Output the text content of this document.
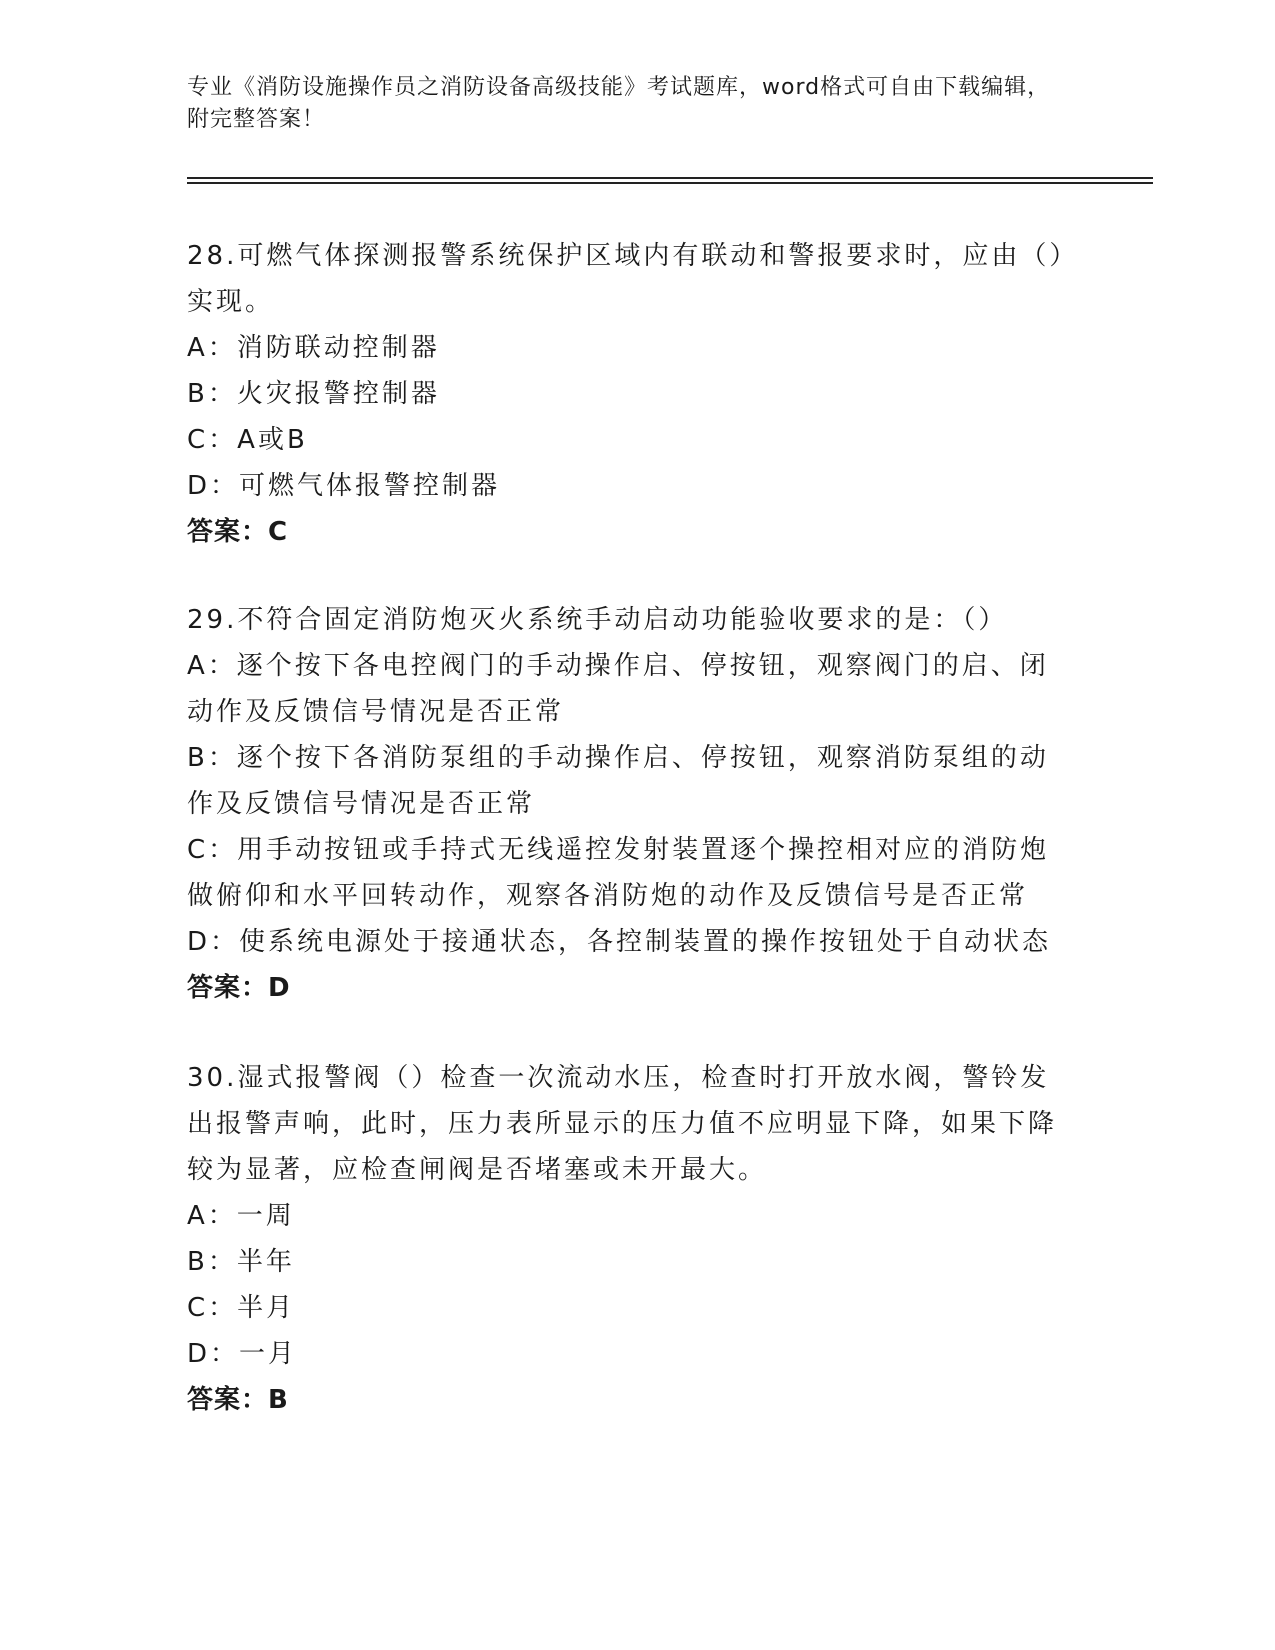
专业《消防设施操作员之消防设备高级技能》考试题库，word格式可自由下载编辑，附完整答案！
28.可燃气体探测报警系统保护区域内有联动和警报要求时，应由（）实现。
A：消防联动控制器
B：火灾报警控制器
C：A或B
D：可燃气体报警控制器
答案：C
29.不符合固定消防炮灭火系统手动启动功能验收要求的是：（）
A：逐个按下各电控阀门的手动操作启、停按钮，观察阀门的启、闭动作及反馈信号情况是否正常
B：逐个按下各消防泵组的手动操作启、停按钮，观察消防泵组的动作及反馈信号情况是否正常
C：用手动按钮或手持式无线遥控发射装置逐个操控相对应的消防炮做俯仰和水平回转动作，观察各消防炮的动作及反馈信号是否正常
D：使系统电源处于接通状态，各控制装置的操作按钮处于自动状态
答案：D
30.湿式报警阀（）检查一次流动水压，检查时打开放水阀，警铃发出报警声响，此时，压力表所显示的压力值不应明显下降，如果下降较为显著，应检查闸阀是否堵塞或未开最大。
A：一周
B：半年
C：半月
D：一月
答案：B
